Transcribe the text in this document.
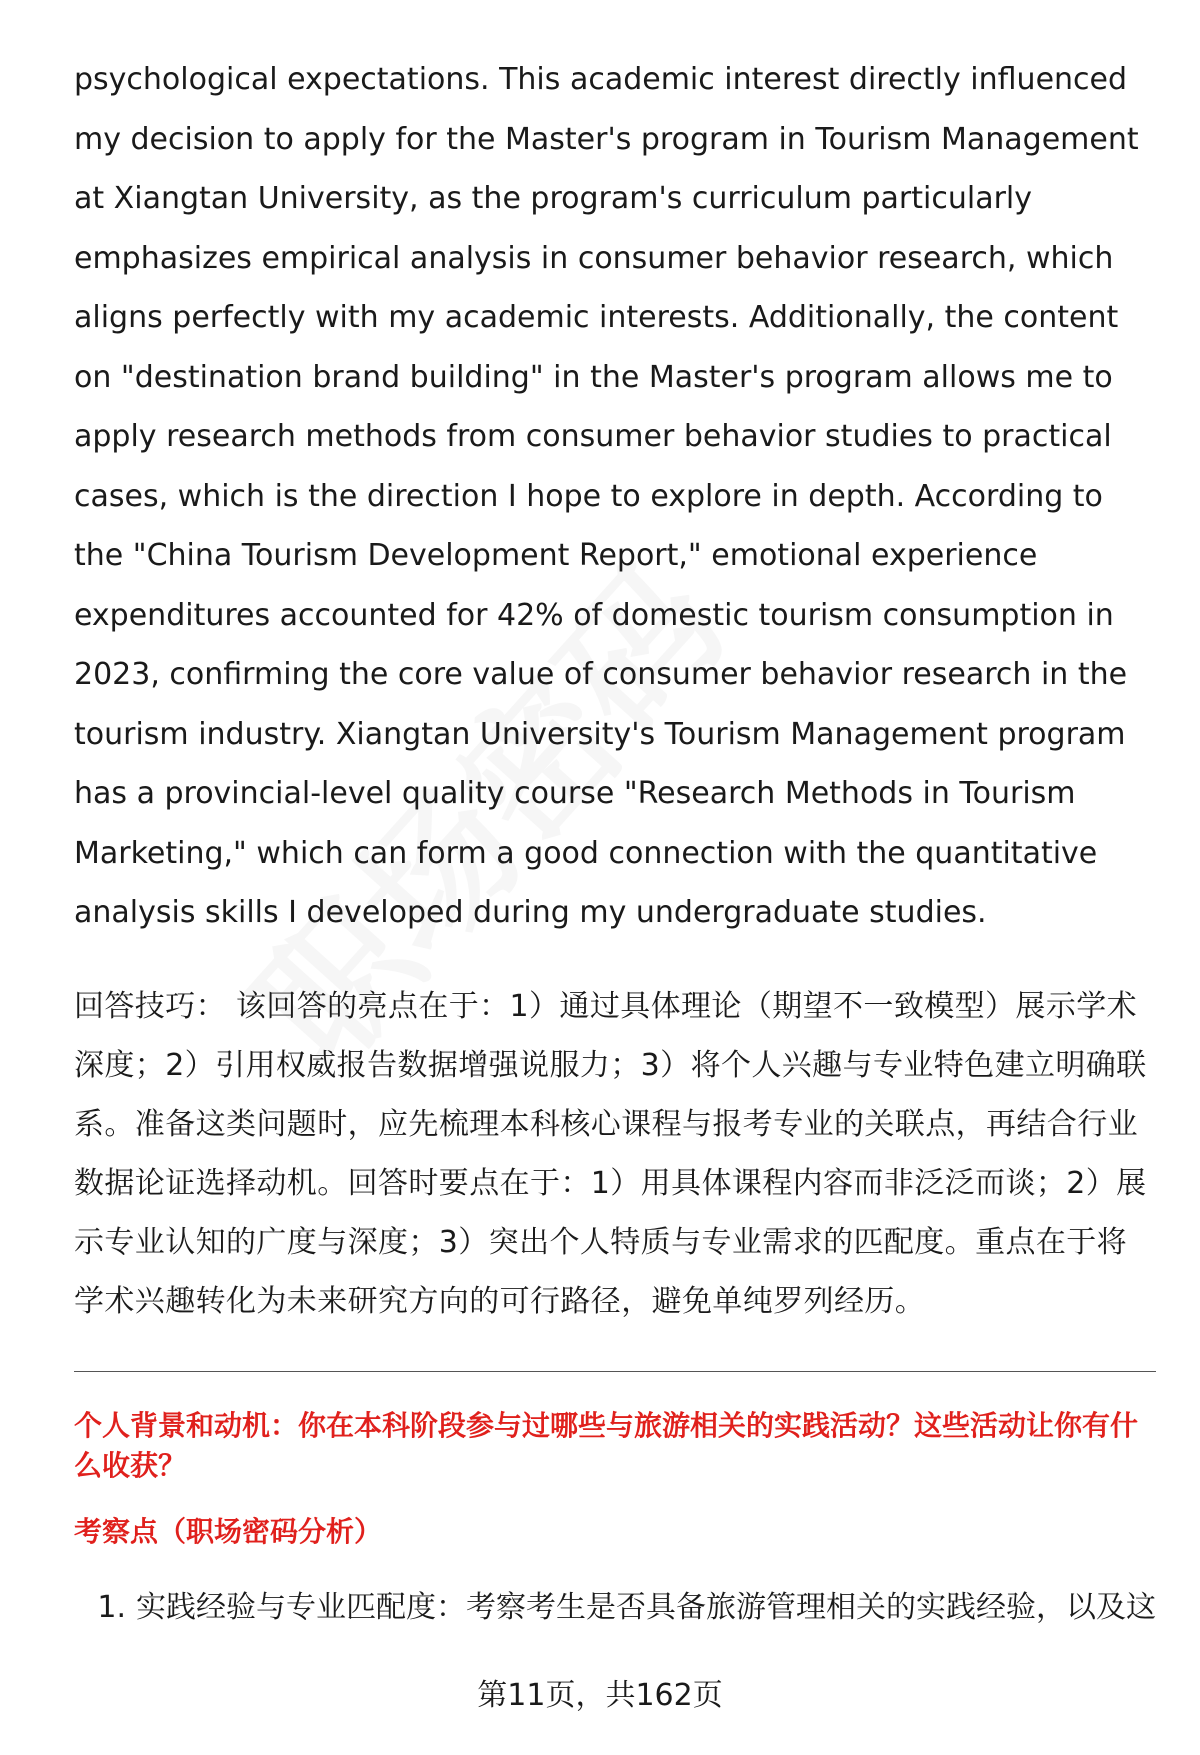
psychological expectations. This academic interest directly influenced my decision to apply for the Master's program in Tourism Management at Xiangtan University, as the program's curriculum particularly emphasizes empirical analysis in consumer behavior research, which aligns perfectly with my academic interests. Additionally, the content on "destination brand building" in the Master's program allows me to apply research methods from consumer behavior studies to practical cases, which is the direction I hope to explore in depth. According to the "China Tourism Development Report," emotional experience expenditures accounted for 42% of domestic tourism consumption in 2023, confirming the core value of consumer behavior research in the tourism industry. Xiangtan University's Tourism Management program has a provincial-level quality course "Research Methods in Tourism Marketing," which can form a good connection with the quantitative analysis skills I developed during my undergraduate studies.

回答技巧： 该回答的亮点在于：1）通过具体理论（期望不一致模型）展示学术深度；2）引用权威报告数据增强说服力；3）将个人兴趣与专业特色建立明确联系。准备这类问题时，应先梳理本科核心课程与报考专业的关联点，再结合行业数据论证选择动机。回答时要点在于：1）用具体课程内容而非泛泛而谈；2）展示专业认知的广度与深度；3）突出个人特质与专业需求的匹配度。重点在于将学术兴趣转化为未来研究方向的可行路径，避免单纯罗列经历。

个人背景和动机：你在本科阶段参与过哪些与旅游相关的实践活动？这些活动让你有什么收获？
考察点（职场密码分析）
1. 实践经验与专业匹配度：考察考生是否具备旅游管理相关的实践经验，以及这
第11页，共162页
